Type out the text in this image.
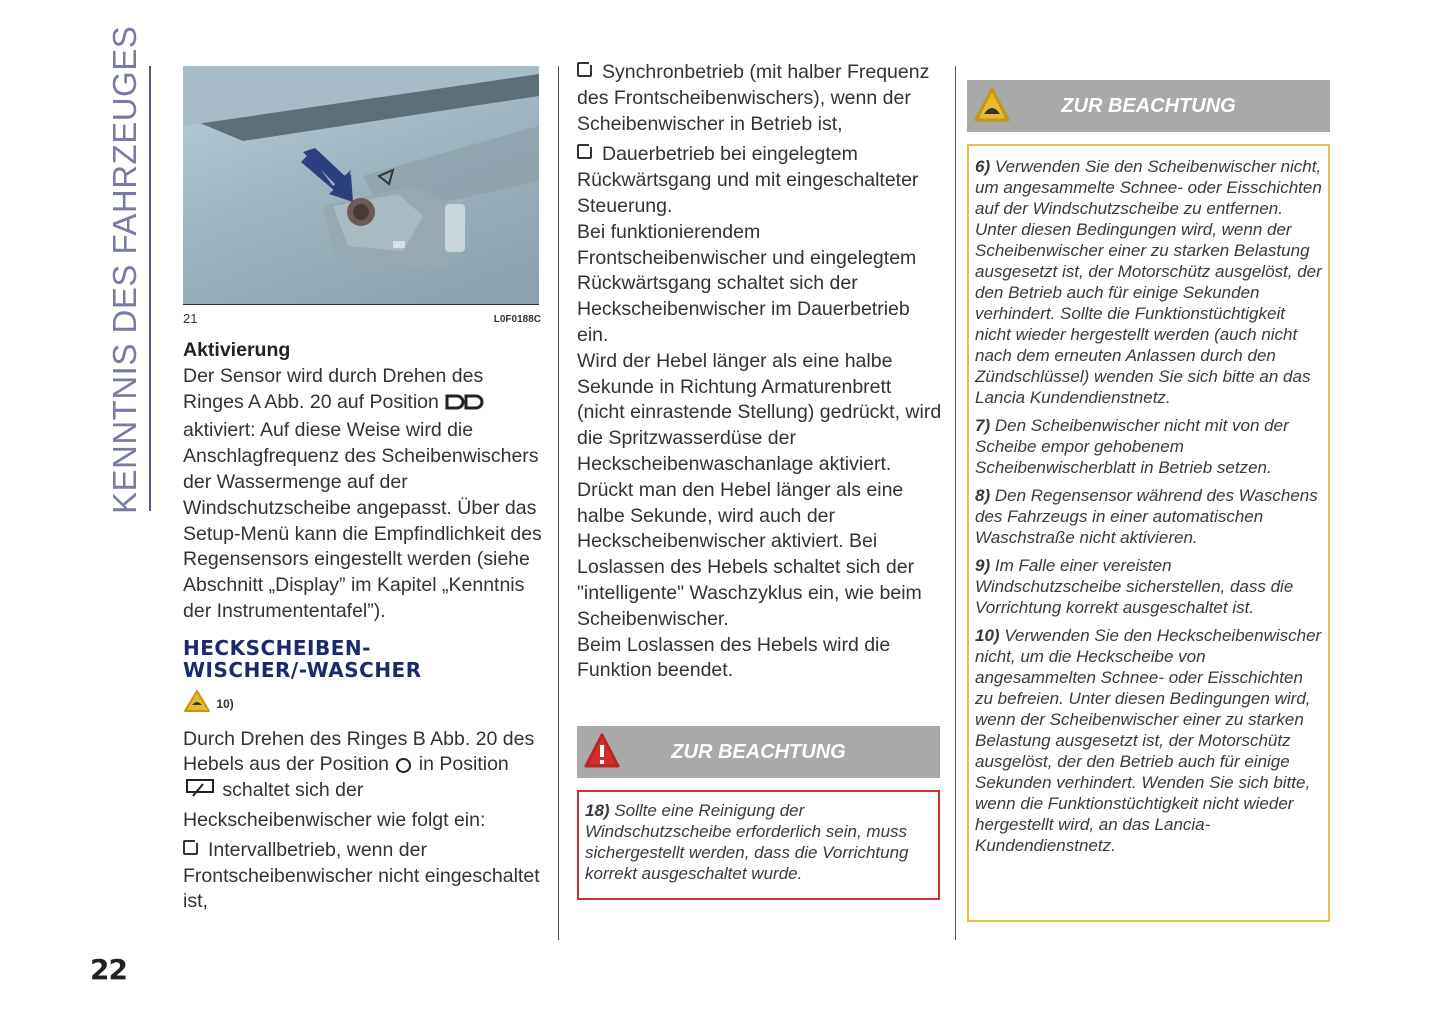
KENNTNIS DES FAHRZEUGES
22
21	L0F0188C
Aktivierung

Der Sensor wird durch Drehen des Ringes A Abb. 20 auf Position aktiviert: Auf diese Weise wird die Anschlagfrequenz des Scheibenwischers der Wassermenge auf der Windschutzscheibe angepasst. Über das Setup-Menü kann die Empfindlichkeit des Regensensors eingestellt werden (siehe Abschnitt „Display” im Kapitel „Kenntnis der Instrumententafel”).

HECKSCHEIBEN-
WISCHER/-WASCHER
10)

Durch Drehen des Ringes B Abb. 20 des Hebels aus der Position in Position  schaltet sich der Heckscheibenwischer wie folgt ein:

Intervallbetrieb, wenn der Frontscheibenwischer nicht eingeschaltet ist,

Synchronbetrieb (mit halber Frequenz des Frontscheibenwischers), wenn der Scheibenwischer in Betrieb ist,

Dauerbetrieb bei eingelegtem Rückwärtsgang und mit eingeschalteter Steuerung.

Bei funktionierendem Frontscheibenwischer und eingelegtem Rückwärtsgang schaltet sich der Heckscheibenwischer im Dauerbetrieb ein.

Wird der Hebel länger als eine halbe Sekunde in Richtung Armaturenbrett (nicht einrastende Stellung) gedrückt, wird die Spritzwasserdüse der Heckscheibenwaschanlage aktiviert. Drückt man den Hebel länger als eine halbe Sekunde, wird auch der Heckscheibenwischer aktiviert. Bei Loslassen des Hebels schaltet sich der "intelligente" Waschzyklus ein, wie beim Scheibenwischer.

Beim Loslassen des Hebels wird die Funktion beendet.

ZUR BEACHTUNG

18) Sollte eine Reinigung der Windschutzscheibe erforderlich sein, muss sichergestellt werden, dass die Vorrichtung korrekt ausgeschaltet wurde.

ZUR BEACHTUNG

6) Verwenden Sie den Scheibenwischer nicht, um angesammelte Schnee- oder Eisschichten auf der Windschutzscheibe zu entfernen. Unter diesen Bedingungen wird, wenn der Scheibenwischer einer zu starken Belastung ausgesetzt ist, der Motorschütz ausgelöst, der den Betrieb auch für einige Sekunden verhindert. Sollte die Funktionstüchtigkeit nicht wieder hergestellt werden (auch nicht nach dem erneuten Anlassen durch den Zündschlüssel) wenden Sie sich bitte an das Lancia Kundendienstnetz.

7) Den Scheibenwischer nicht mit von der Scheibe empor gehobenem Scheibenwischerblatt in Betrieb setzen.

8) Den Regensensor während des Waschens des Fahrzeugs in einer automatischen Waschstraße nicht aktivieren.

9) Im Falle einer vereisten Windschutzscheibe sicherstellen, dass die Vorrichtung korrekt ausgeschaltet ist.

10) Verwenden Sie den Heckscheibenwischer nicht, um die Heckscheibe von angesammelten Schnee- oder Eisschichten zu befreien. Unter diesen Bedingungen wird, wenn der Scheibenwischer einer zu starken Belastung ausgesetzt ist, der Motorschütz ausgelöst, der den Betrieb auch für einige Sekunden verhindert. Wenden Sie sich bitte, wenn die Funktionstüchtigkeit nicht wieder hergestellt wird, an das Lancia-Kundendienstnetz.
